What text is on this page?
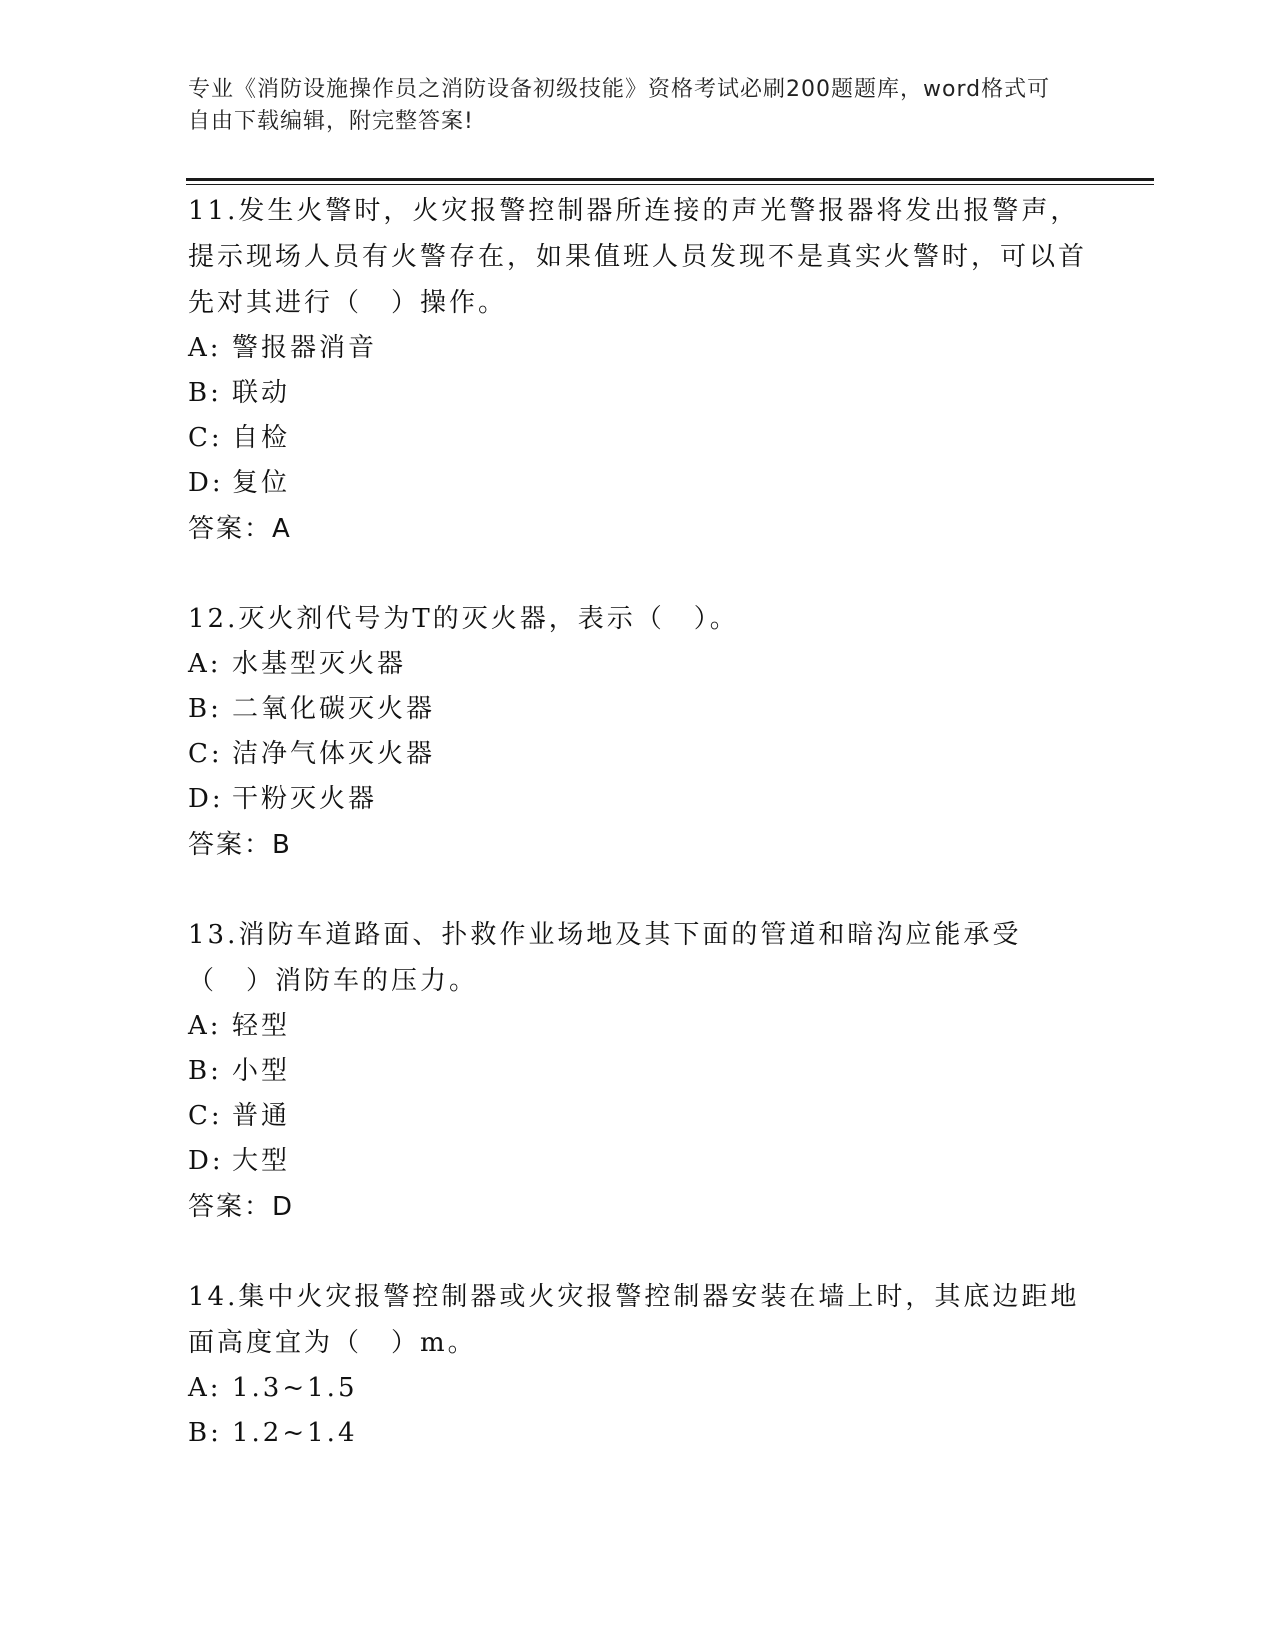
专业《消防设施操作员之消防设备初级技能》资格考试必刷200题题库，word格式可自由下载编辑，附完整答案!
11.发生火警时，火灾报警控制器所连接的声光警报器将发出报警声，提示现场人员有火警存在，如果值班人员发现不是真实火警时，可以首先对其进行（　）操作。
A: 警报器消音
B: 联动
C: 自检
D: 复位
答案：A
12.灭火剂代号为T的灭火器，表示（　）。
A: 水基型灭火器
B: 二氧化碳灭火器
C: 洁净气体灭火器
D: 干粉灭火器
答案：B
13.消防车道路面、扑救作业场地及其下面的管道和暗沟应能承受（　）消防车的压力。
A: 轻型
B: 小型
C: 普通
D: 大型
答案：D
14.集中火灾报警控制器或火灾报警控制器安装在墙上时，其底边距地面高度宜为（　）m。
A: 1.3~1.5
B: 1.2~1.4
